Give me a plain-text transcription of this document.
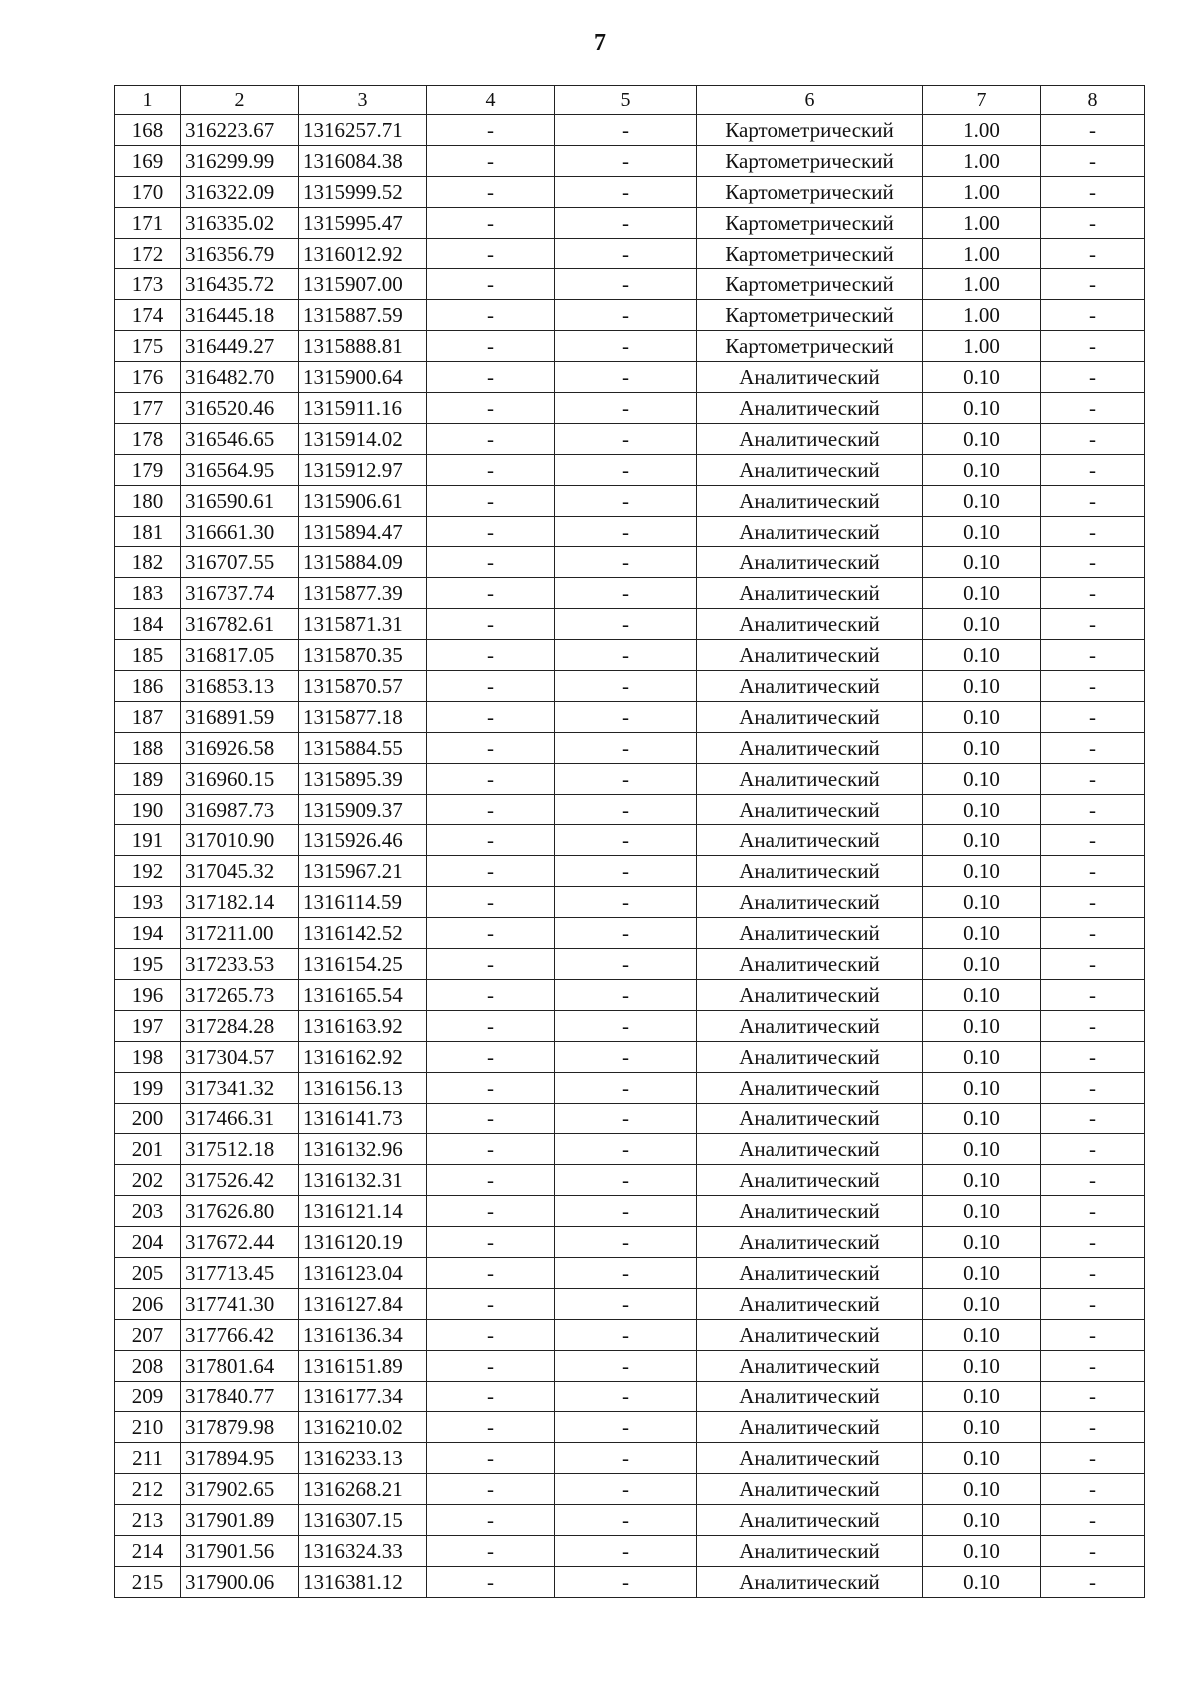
7
1	2	3	4	5	6	7	8
168	316223.67	1316257.71	-	-	Картометрический	1.00	-
169	316299.99	1316084.38	-	-	Картометрический	1.00	-
170	316322.09	1315999.52	-	-	Картометрический	1.00	-
171	316335.02	1315995.47	-	-	Картометрический	1.00	-
172	316356.79	1316012.92	-	-	Картометрический	1.00	-
173	316435.72	1315907.00	-	-	Картометрический	1.00	-
174	316445.18	1315887.59	-	-	Картометрический	1.00	-
175	316449.27	1315888.81	-	-	Картометрический	1.00	-
176	316482.70	1315900.64	-	-	Аналитический	0.10	-
177	316520.46	1315911.16	-	-	Аналитический	0.10	-
178	316546.65	1315914.02	-	-	Аналитический	0.10	-
179	316564.95	1315912.97	-	-	Аналитический	0.10	-
180	316590.61	1315906.61	-	-	Аналитический	0.10	-
181	316661.30	1315894.47	-	-	Аналитический	0.10	-
182	316707.55	1315884.09	-	-	Аналитический	0.10	-
183	316737.74	1315877.39	-	-	Аналитический	0.10	-
184	316782.61	1315871.31	-	-	Аналитический	0.10	-
185	316817.05	1315870.35	-	-	Аналитический	0.10	-
186	316853.13	1315870.57	-	-	Аналитический	0.10	-
187	316891.59	1315877.18	-	-	Аналитический	0.10	-
188	316926.58	1315884.55	-	-	Аналитический	0.10	-
189	316960.15	1315895.39	-	-	Аналитический	0.10	-
190	316987.73	1315909.37	-	-	Аналитический	0.10	-
191	317010.90	1315926.46	-	-	Аналитический	0.10	-
192	317045.32	1315967.21	-	-	Аналитический	0.10	-
193	317182.14	1316114.59	-	-	Аналитический	0.10	-
194	317211.00	1316142.52	-	-	Аналитический	0.10	-
195	317233.53	1316154.25	-	-	Аналитический	0.10	-
196	317265.73	1316165.54	-	-	Аналитический	0.10	-
197	317284.28	1316163.92	-	-	Аналитический	0.10	-
198	317304.57	1316162.92	-	-	Аналитический	0.10	-
199	317341.32	1316156.13	-	-	Аналитический	0.10	-
200	317466.31	1316141.73	-	-	Аналитический	0.10	-
201	317512.18	1316132.96	-	-	Аналитический	0.10	-
202	317526.42	1316132.31	-	-	Аналитический	0.10	-
203	317626.80	1316121.14	-	-	Аналитический	0.10	-
204	317672.44	1316120.19	-	-	Аналитический	0.10	-
205	317713.45	1316123.04	-	-	Аналитический	0.10	-
206	317741.30	1316127.84	-	-	Аналитический	0.10	-
207	317766.42	1316136.34	-	-	Аналитический	0.10	-
208	317801.64	1316151.89	-	-	Аналитический	0.10	-
209	317840.77	1316177.34	-	-	Аналитический	0.10	-
210	317879.98	1316210.02	-	-	Аналитический	0.10	-
211	317894.95	1316233.13	-	-	Аналитический	0.10	-
212	317902.65	1316268.21	-	-	Аналитический	0.10	-
213	317901.89	1316307.15	-	-	Аналитический	0.10	-
214	317901.56	1316324.33	-	-	Аналитический	0.10	-
215	317900.06	1316381.12	-	-	Аналитический	0.10	-
